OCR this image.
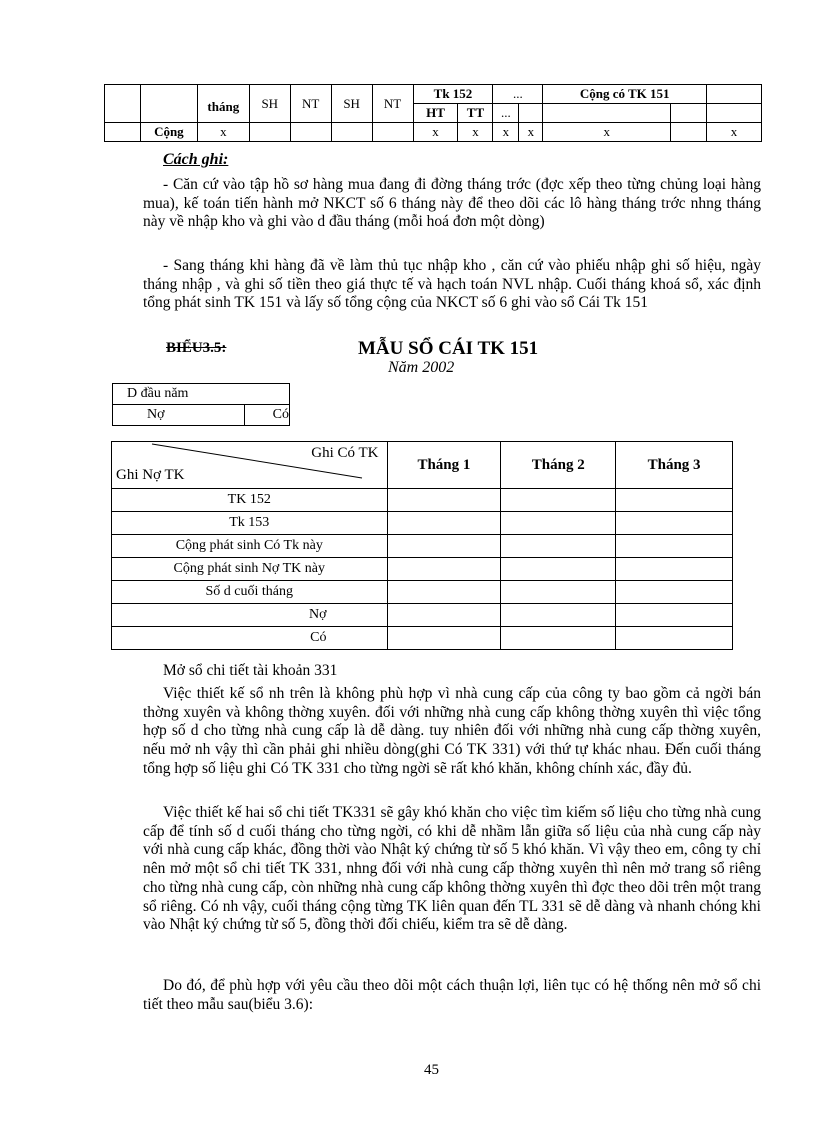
		tháng	SH	NT	SH	NT	Tk 152		...		Cộng có TK 151		
							HT	TT	...				
	Cộng	x					x	x	x	x	x		x
Cách ghi:

- Căn cứ vào tập hồ sơ hàng mua đang đi đờng tháng trớc (đợc xếp theo từng chủng loại hàng mua), kế toán tiến hành mở NKCT số 6 tháng này để theo dõi các lô hàng tháng trớc nhng tháng này về nhập kho và ghi vào d đầu tháng (mỗi hoá đơn một dòng)

- Sang tháng khi hàng đã về làm thủ tục nhập kho , căn cứ vào phiếu nhập ghi số hiệu, ngày tháng nhập , và ghi số tiền theo giá thực tế và hạch toán NVL nhập. Cuối tháng khoá sổ, xác định tổng phát sinh TK 151 và lấy số tổng cộng của NKCT số 6 ghi vào sổ Cái Tk 151

BIỂU3.5:	MẪU SỔ CÁI TK 151
Năm 2002
D đầu năm
Nợ	Có
Ghi Có TK
Ghi Nợ TK	Tháng 1	Tháng 2	Tháng 3
TK 152			
Tk 153			
Cộng phát sinh Có Tk này			
Cộng phát sinh Nợ TK này			
Số d cuối tháng			
Nợ			
Có			

Mở sổ chi tiết tài khoản 331

Việc thiết kế sổ nh trên là không phù hợp vì nhà cung cấp của công ty bao gồm cả ngời bán thờng xuyên và không thờng xuyên. đối với những nhà cung cấp không thờng xuyên thì việc tổng hợp số d cho từng nhà cung cấp là dễ dàng. tuy nhiên đối với những nhà cung cấp thờng xuyên, nếu mở nh vậy thì cần phải ghi nhiều dòng(ghi Có TK 331) với thứ tự khác nhau. Đến cuối tháng tổng hợp số liệu ghi Có TK 331 cho từng ngời sẽ rất khó khăn, không chính xác, đầy đủ.

Việc thiết kế hai sổ chi tiết TK331 sẽ gây khó khăn cho việc tìm kiếm số liệu cho từng nhà cung cấp để tính số d cuối tháng cho từng ngời, có khi dễ nhầm lẫn giữa số liệu của nhà cung cấp này với nhà cung cấp khác, đồng thời vào Nhật ký chứng từ số 5 khó khăn. Vì vậy theo em, công ty chỉ nên mở một sổ chi tiết TK 331, nhng đối với nhà cung cấp thờng xuyên thì nên mở trang sổ riêng cho từng nhà cung cấp, còn những nhà cung cấp không thờng xuyên thì đợc theo dõi trên một trang sổ riêng. Có nh vậy, cuối tháng cộng từng TK liên quan đến TL 331 sẽ dễ dàng và nhanh chóng khi vào Nhật ký chứng từ số 5, đồng thời đối chiếu, kiểm tra sẽ dễ dàng.

Do đó, để phù hợp với yêu cầu theo dõi một cách thuận lợi, liên tục có hệ thống nên mở sổ chi tiết theo mẫu sau(biểu 3.6):

45
